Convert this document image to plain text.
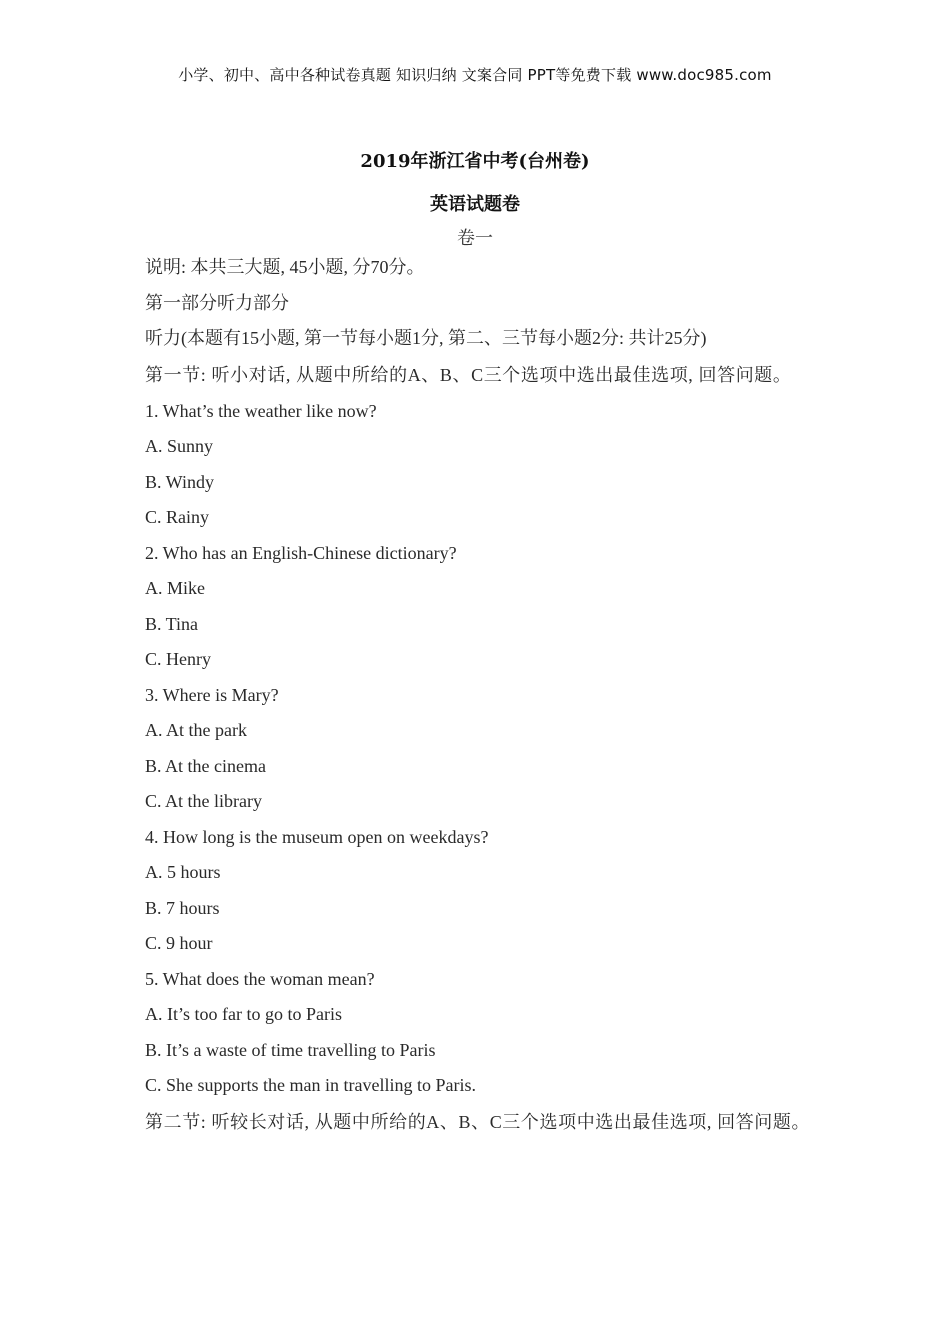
小学、初中、高中各种试卷真题 知识归纳 文案合同 PPT等免费下载 www.doc985.com
2019年浙江省中考(台州卷)
英语试题卷
卷一
说明: 本共三大题, 45小题, 分70分。
第一部分听力部分
听力(本题有15小题, 第一节每小题1分, 第二、三节每小题2分: 共计25分)
第一节: 听小对话, 从题中所给的A、B、C三个选项中选出最佳选项, 回答问题。
1. What’s the weather like now?
A. Sunny
B. Windy
C. Rainy
2. Who has an English-Chinese dictionary?
A. Mike
B. Tina
C. Henry
3. Where is Mary?
A. At the park
B. At the cinema
C. At the library
4. How long is the museum open on weekdays?
A. 5 hours
B. 7 hours
C. 9 hour
5. What does the woman mean?
A. It’s too far to go to Paris
B. It’s a waste of time travelling to Paris
C. She supports the man in travelling to Paris.
第二节: 听较长对话, 从题中所给的A、B、C三个选项中选出最佳选项, 回答问题。
